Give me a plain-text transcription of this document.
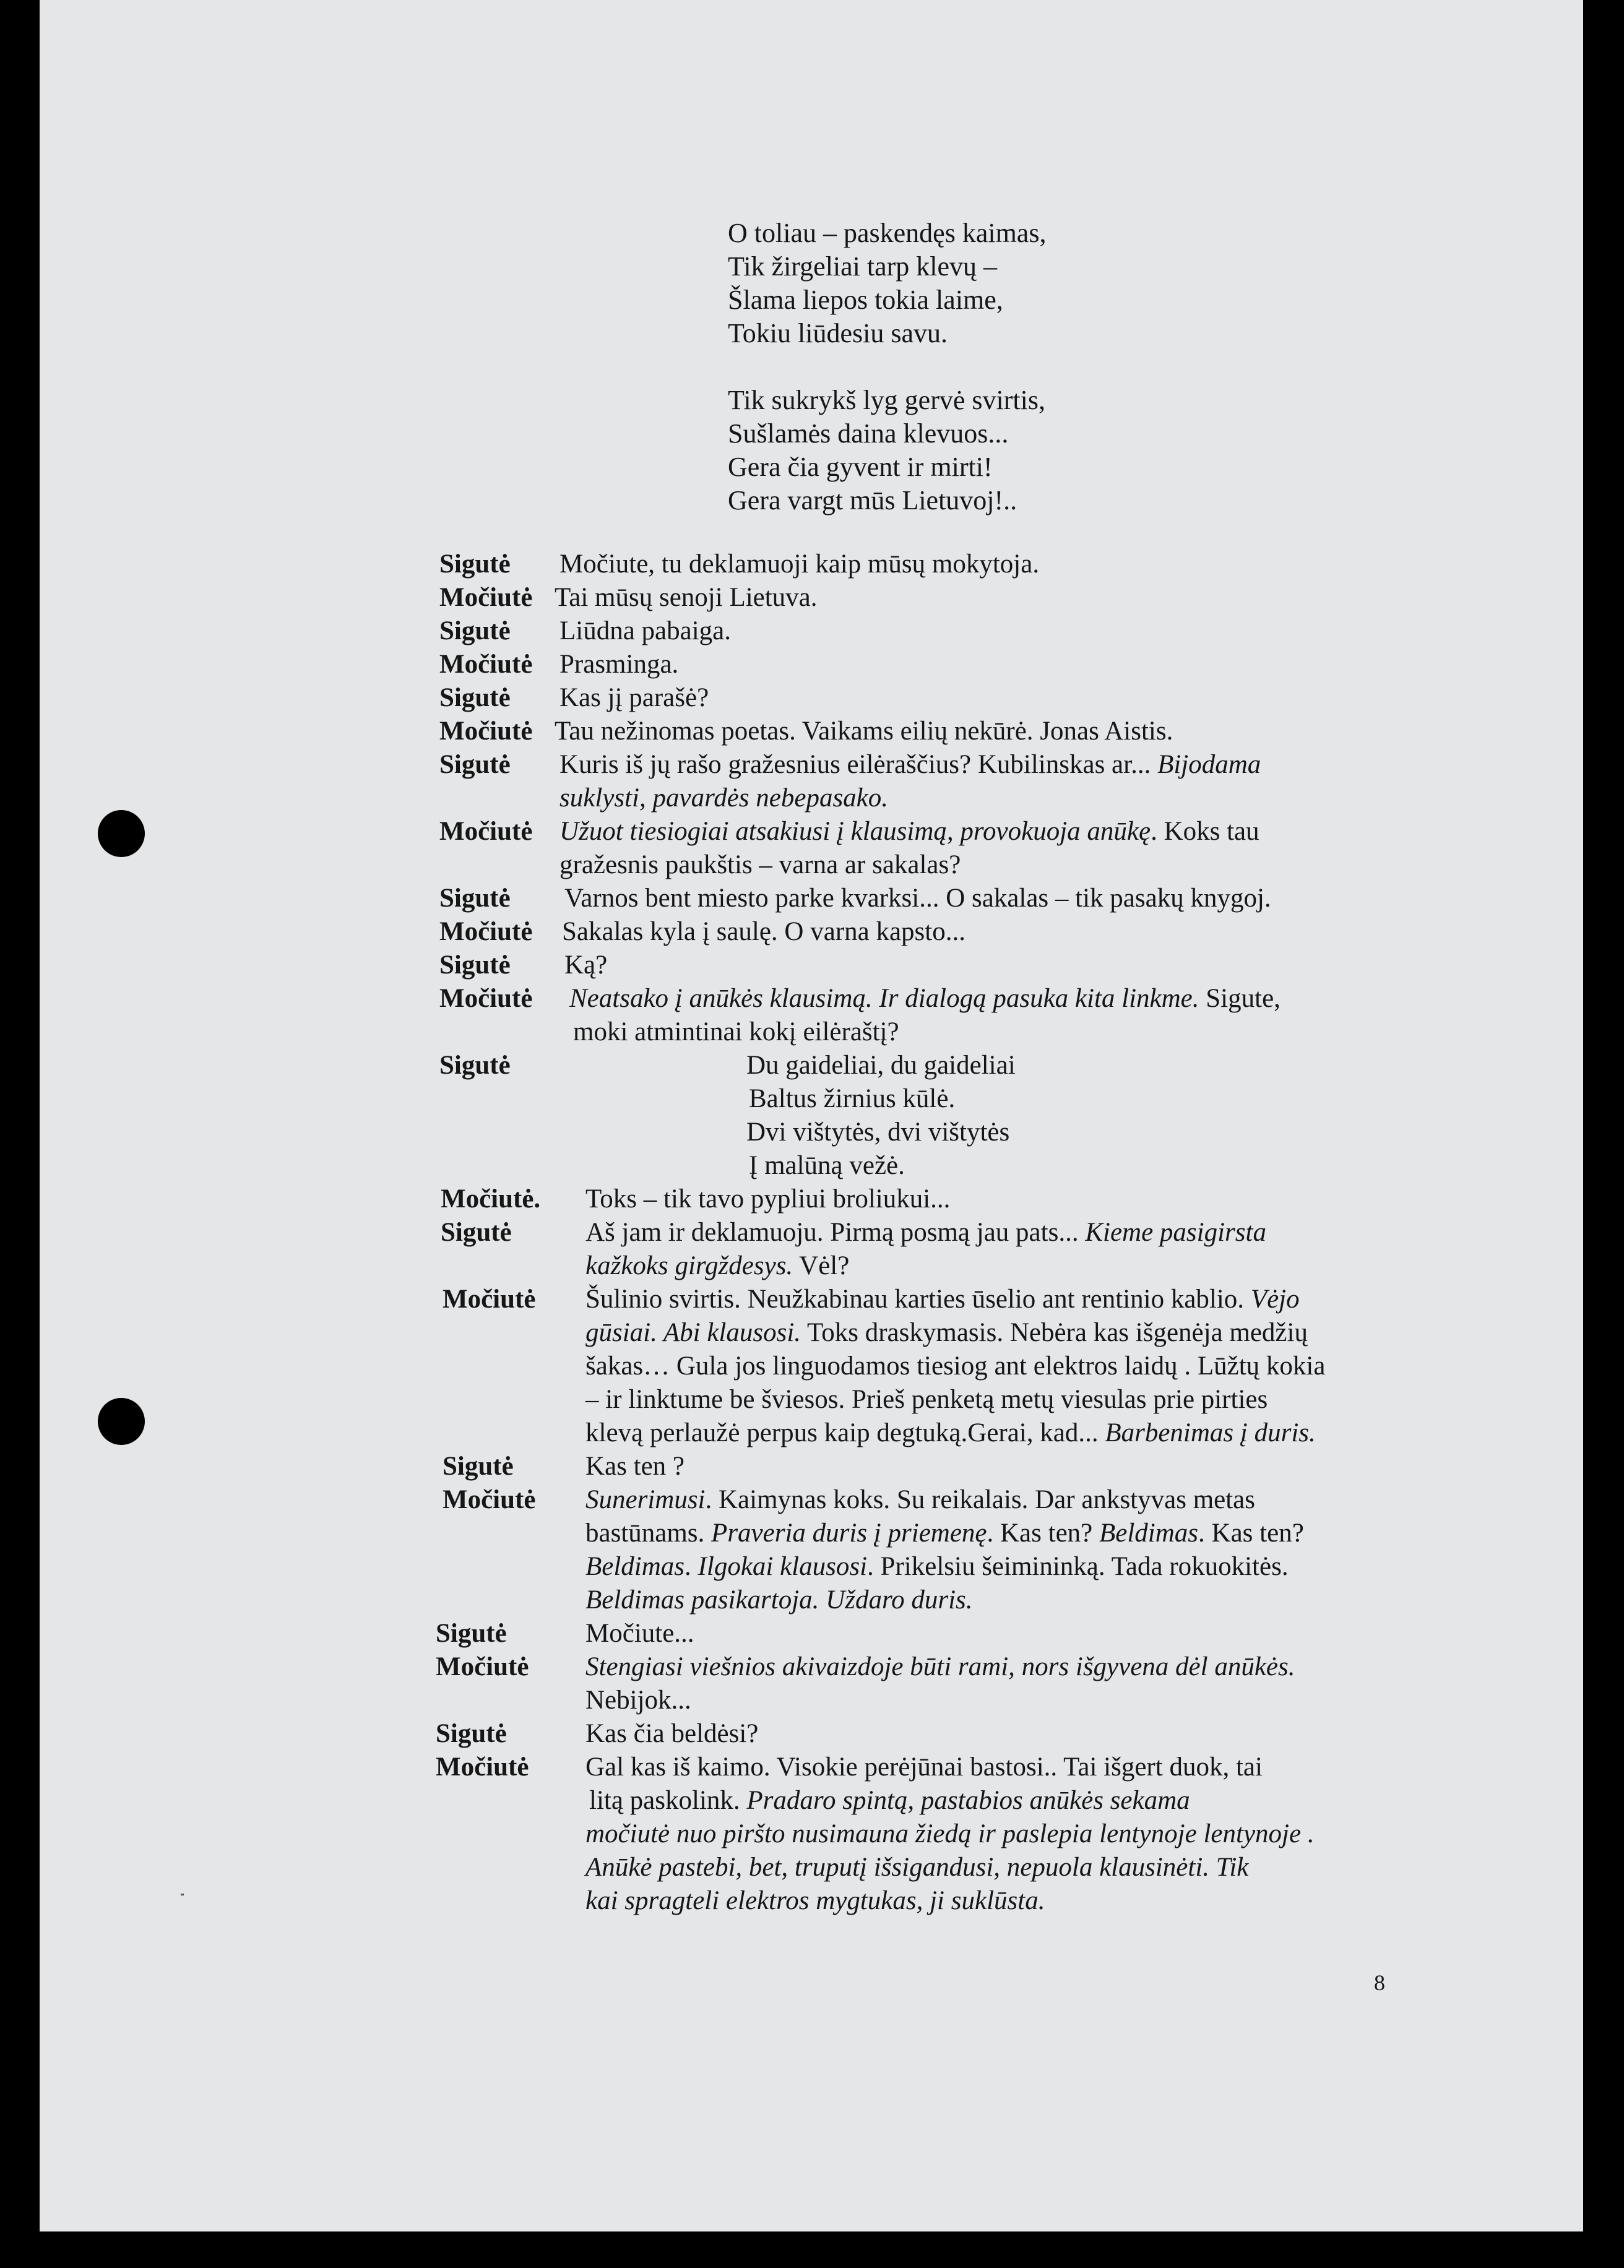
O toliau – paskendęs kaimas,
Tik žirgeliai tarp klevų –
Šlama liepos tokia laime,
Tokiu liūdesiu savu.
Tik sukrykš lyg gervė svirtis,
Sušlamės daina klevuos...
Gera čia gyvent ir mirti!
Gera vargt mūs Lietuvoj!..
Sigutė Močiute, tu deklamuoji kaip mūsų mokytoja.
Močiutė Tai mūsų senoji Lietuva.
Sigutė Liūdna pabaiga.
Močiutė Prasminga.
Sigutė Kas jį parašė?
Močiutė Tau nežinomas poetas. Vaikams eilių nekūrė. Jonas Aistis.
Sigutė Kuris iš jų rašo gražesnius eilėraščius? Kubilinskas ar... Bijodama
suklysti, pavardės nebepasako.
Močiutė Užuot tiesiogiai atsakiusi į klausimą, provokuoja anūkę. Koks tau
gražesnis paukštis – varna ar sakalas?
Sigutė Varnos bent miesto parke kvarksi... O sakalas – tik pasakų knygoj.
Močiutė Sakalas kyla į saulę. O varna kapsto...
Sigutė Ką?
Močiutė Neatsako į anūkės klausimą. Ir dialogą pasuka kita linkme. Sigute,
moki atmintinai kokį eilėraštį?
Sigutė	Du gaideliai, du gaideliai
Baltus žirnius kūlė.
Dvi vištytės, dvi vištytės
Į malūną vežė.
Močiutė. Toks – tik tavo pypliui broliukui...
Sigutė	Aš jam ir deklamuoju. Pirmą posmą jau pats... Kieme pasigirsta
kažkoks girgždesys. Vėl?
Močiutė Šulinio svirtis. Neužkabinau karties ūselio ant rentinio kablio. Vėjo
gūsiai. Abi klausosi. Toks draskymasis. Nebėra kas išgenėja medžių
šakas… Gula jos linguodamos tiesiog ant elektros laidų . Lūžtų kokia
– ir linktume be šviesos. Prieš penketą metų viesulas prie pirties
klevą perlaužė perpus kaip degtuką.Gerai, kad... Barbenimas į duris.
Sigutė	Kas ten ?
Močiutė Sunerimusi. Kaimynas koks. Su reikalais. Dar ankstyvas metas
bastūnams. Praveria duris į priemenę. Kas ten? Beldimas. Kas ten?
Beldimas. Ilgokai klausosi. Prikelsiu šeimininką. Tada rokuokitės.
Beldimas pasikartoja. Uždaro duris.
Sigutė	Močiute...
Močiutė Stengiasi viešnios akivaizdoje būti rami, nors išgyvena dėl anūkės.
Nebijok...
Sigutė	Kas čia beldėsi?
Močiutė Gal kas iš kaimo. Visokie perėjūnai bastosi.. Tai išgert duok, tai
litą paskolink. Pradaro spintą, pastabios anūkės sekama
močiutė nuo piršto nusimauna žiedą ir paslepia lentynoje lentynoje .
Anūkė pastebi, bet, truputį išsigandusi, nepuola klausinėti. Tik
kai spragteli elektros mygtukas, ji suklūsta.
8
